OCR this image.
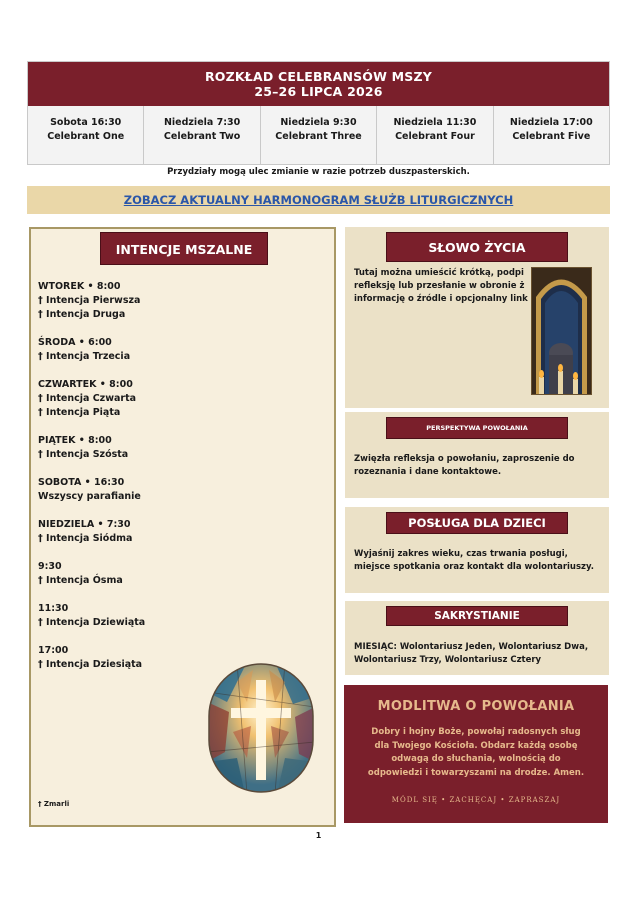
ROZKŁAD CELEBRANSÓW MSZY
25–26 LIPCA 2026
Sobota 16:30
Celebrant One
Niedziela 7:30
Celebrant Two
Niedziela 9:30
Celebrant Three
Niedziela 11:30
Celebrant Four
Niedziela 17:00
Celebrant Five
Przydziały mogą ulec zmianie w razie potrzeb duszpasterskich.
ZOBACZ AKTUALNY HARMONOGRAM SŁUŻB LITURGICZNYCH
INTENCJE MSZALNE
WTOREK • 8:00
† Intencja Pierwsza
† Intencja Druga
ŚRODA • 6:00
† Intencja Trzecia
CZWARTEK • 8:00
† Intencja Czwarta
† Intencja Piąta
PIĄTEK • 8:00
† Intencja Szósta
SOBOTA • 16:30
Wszyscy parafianie
NIEDZIELA • 7:30
† Intencja Siódma
9:30
† Intencja Ósma
11:30
† Intencja Dziewiąta
17:00
† Intencja Dziesiąta
† Zmarli
SŁOWO ŻYCIA
Tutaj można umieścić krótką, podpi refleksję lub przesłanie w obronie ż informację o źródle i opcjonalny link
PERSPEKTYWA POWOŁANIA
Zwięzła refleksja o powołaniu, zaproszenie do rozeznania i dane kontaktowe.
POSŁUGA DLA DZIECI
Wyjaśnij zakres wieku, czas trwania posługi, miejsce spotkania oraz kontakt dla wolontariuszy.
SAKRYSTIANIE
MIESIĄC: Wolontariusz Jeden, Wolontariusz Dwa, Wolontariusz Trzy, Wolontariusz Cztery
MODLITWA O POWOŁANIA
Dobry i hojny Boże, powołaj radosnych sług dla Twojego Kościoła. Obdarz każdą osobę odwagą do słuchania, wolnością do odpowiedzi i towarzyszami na drodze. Amen.
MÓDL SIĘ • ZACHĘCAJ • ZAPRASZAJ
1
